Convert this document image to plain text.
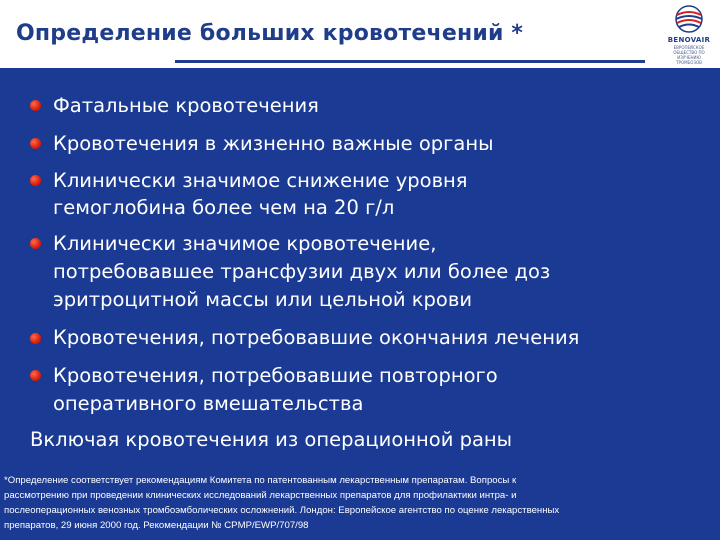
Определение больших кровотечений *	BENOVAIR
ЕВРОПЕЙСКОЕ ОБЩЕСТВО ПО ИЗУЧЕНИЮ ТРОМБОЗОВ
Фатальные кровотечения
Кровотечения в жизненно важные органы
Клинически значимое снижение уровня
гемоглобина более чем на 20 г/л
Клинически значимое кровотечение,
потребовавшее трансфузии двух или более доз
эритроцитной массы или цельной крови
Кровотечения, потребовавшие окончания лечения
Кровотечения, потребовавшие повторного
оперативного вмешательства
Включая кровотечения из операционной раны
*Определение соответствует рекомендациям Комитета по патентованным лекарственным препаратам. Вопросы к
рассмотрению при проведении клинических исследований лекарственных препаратов для профилактики интра- и
послеоперационных венозных тромбоэмболических осложнений. Лондон: Европейское агентство по оценке лекарственных
препаратов, 29 июня 2000 год. Рекомендации № CPMP/EWP/707/98
